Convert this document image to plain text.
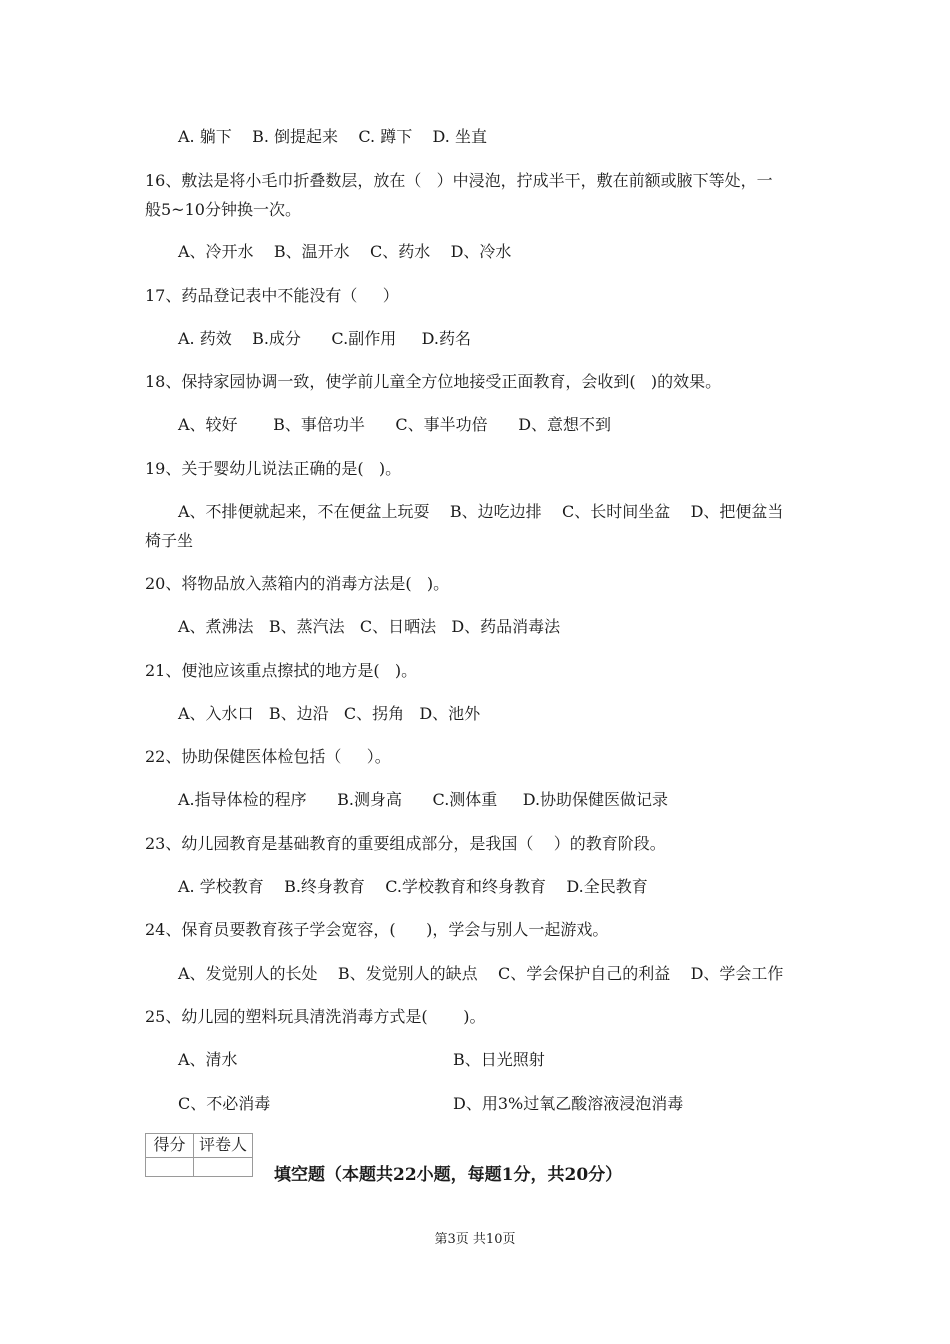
A. 躺下    B. 倒提起来    C. 蹲下    D. 坐直
16、敷法是将小毛巾折叠数层，放在（   ）中浸泡，拧成半干，敷在前额或腋下等处，一
般5~10分钟换一次。
A、冷开水    B、温开水    C、药水    D、冷水
17、药品登记表中不能没有（     ）
A. 药效    B.成分      C.副作用     D.药名
18、保持家园协调一致，使学前儿童全方位地接受正面教育，会收到(   )的效果。
A、较好       B、事倍功半      C、事半功倍      D、意想不到
19、关于婴幼儿说法正确的是(   )。
A、不排便就起来，不在便盆上玩耍    B、边吃边排    C、长时间坐盆    D、把便盆当
椅子坐
20、将物品放入蒸箱内的消毒方法是(   )。
A、煮沸法   B、蒸汽法   C、日晒法   D、药品消毒法
21、便池应该重点擦拭的地方是(   )。
A、入水口   B、边沿   C、拐角   D、池外
22、协助保健医体检包括（     ）。
A.指导体检的程序      B.测身高      C.测体重     D.协助保健医做记录
23、幼儿园教育是基础教育的重要组成部分，是我国（    ）的教育阶段。
A. 学校教育    B.终身教育    C.学校教育和终身教育    D.全民教育
24、保育员要教育孩子学会宽容，(      )，学会与别人一起游戏。
A、发觉别人的长处    B、发觉别人的缺点    C、学会保护自己的利益    D、学会工作
25、幼儿园的塑料玩具清洗消毒方式是(       )。
A、清水	B、日光照射
C、不必消毒	D、用3%过氧乙酸溶液浸泡消毒
得分 评卷人
填空题（本题共22小题，每题1分，共20分）
第3页 共10页
